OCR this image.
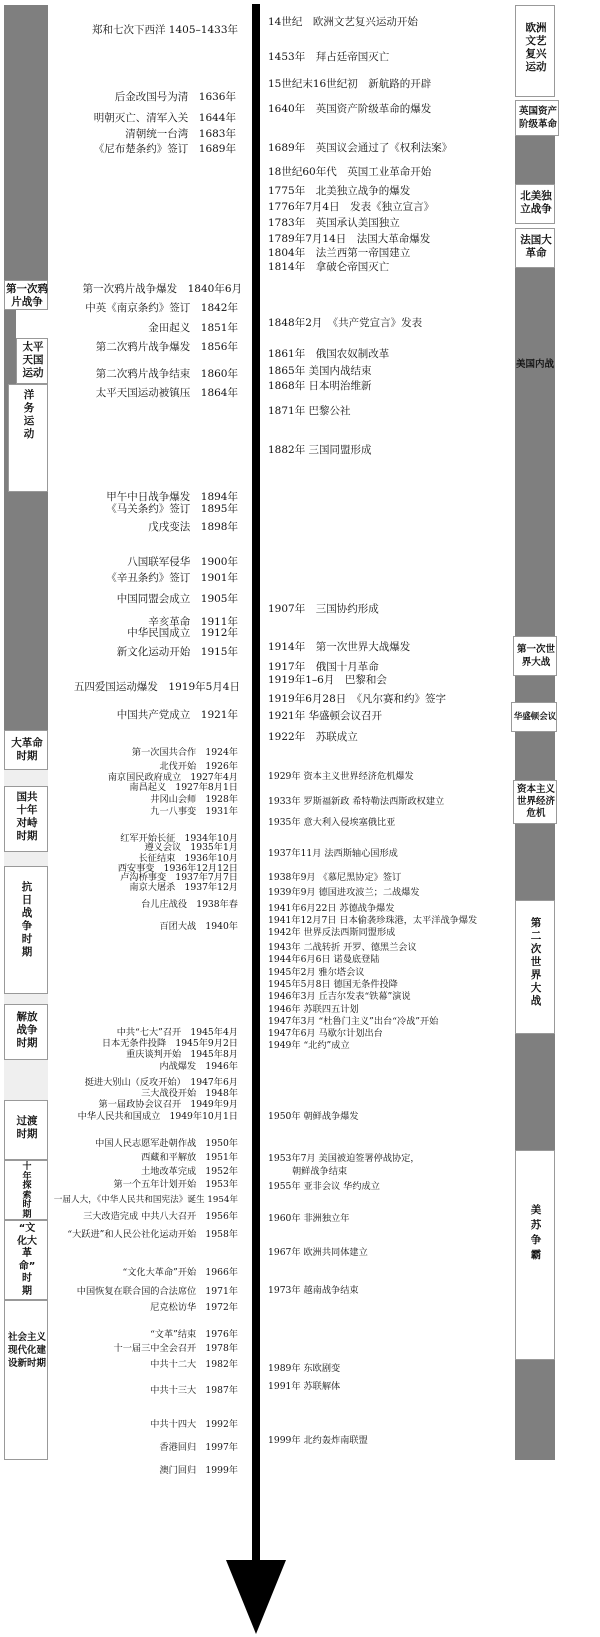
第一次鸦
片战争
太平
天国
运动
洋
务
运
动
大革命
时期
国共
十年
对峙
时期
抗
日
战
争
时
期
解放
战争
时期
过渡
时期
十
年
探
索
时
期
“文
化大
革
命”
时
期
社会主义
现代化建
设新时期
欧洲
文艺
复兴
运动
英国资产
阶级革命
北美独
立战争
法国大
革命
美国内战
第一次世
界大战
华盛顿会议
资本主义
世界经济
危机
第
二
次
世
界
大
战
美
苏
争
霸
郑和七次下西洋 1405–1433年
后金改国号为清　1636年
明朝灭亡、清军入关　1644年
清朝统一台湾　1683年
《尼布楚条约》签订　1689年
第一次鸦片战争爆发　1840年6月
中英《南京条约》签订　1842年
金田起义　1851年
第二次鸦片战争爆发　1856年
第二次鸦片战争结束　1860年
太平天国运动被镇压　1864年
甲午中日战争爆发　1894年
《马关条约》签订　1895年
戊戌变法　1898年
八国联军侵华　1900年
《辛丑条约》签订　1901年
中国同盟会成立　1905年
辛亥革命　1911年
中华民国成立　1912年
新文化运动开始　1915年
五四爱国运动爆发　1919年5月4日
中国共产党成立　1921年
第一次国共合作　1924年
北伐开始　1926年
南京国民政府成立　1927年4月
南昌起义　1927年8月1日
井冈山会师　1928年
九一八事变　1931年
红军开始长征　1934年10月
遵义会议　1935年1月
长征结束　1936年10月
西安事变　1936年12月12日
卢沟桥事变　1937年7月7日
南京大屠杀　1937年12月
台儿庄战役　1938年春
百团大战　1940年
中共“七大”召开　1945年4月
日本无条件投降　1945年9月2日
重庆谈判开始　1945年8月
内战爆发　1946年
挺进大别山（反攻开始）　1947年6月
三大战役开始　1948年
第一届政协会议召开　1949年9月
中华人民共和国成立　1949年10月1日
中国人民志愿军赴朝作战　1950年
西藏和平解放　1951年
土地改革完成　1952年
第一个五年计划开始　1953年
一届人大，《中华人民共和国宪法》诞生 1954年
三大改造完成 中共八大召开　1956年
“大跃进”和人民公社化运动开始　1958年
“文化大革命”开始　1966年
中国恢复在联合国的合法席位　1971年
尼克松访华　1972年
“文革”结束　1976年
十一届三中全会召开　1978年
中共十二大　1982年
中共十三大　1987年
中共十四大　1992年
香港回归　1997年
澳门回归　1999年
14世纪　欧洲文艺复兴运动开始
1453年　拜占廷帝国灭亡
15世纪末16世纪初　新航路的开辟
1640年　英国资产阶级革命的爆发
1689年　英国议会通过了《权利法案》
18世纪60年代　英国工业革命开始
1775年　北美独立战争的爆发
1776年7月4日　发表《独立宣言》
1783年　英国承认美国独立
1789年7月14日　法国大革命爆发
1804年　法兰西第一帝国建立
1814年　拿破仑帝国灭亡
1848年2月　《共产党宣言》发表
1861年　俄国农奴制改革
1865年 美国内战结束
1868年 日本明治维新
1871年 巴黎公社
1882年 三国同盟形成
1907年　三国协约形成
1914年　第一次世界大战爆发
1917年　俄国十月革命
1919年1–6月　巴黎和会
1919年6月28日　《凡尔赛和约》签字
1921年 华盛顿会议召开
1922年　苏联成立
1929年 资本主义世界经济危机爆发
1933年 罗斯福新政 希特勒法西斯政权建立
1935年 意大利入侵埃塞俄比亚
1937年11月 法西斯轴心国形成
1938年9月 《慕尼黑协定》签订
1939年9月 德国进攻波兰；二战爆发
1941年6月22日 苏德战争爆发
1941年12月7日 日本偷袭珍珠港，太平洋战争爆发
1942年 世界反法西斯同盟形成
1943年 二战转折 开罗、德黑兰会议
1944年6月6日 诺曼底登陆
1945年2月 雅尔塔会议
1945年5月8日 德国无条件投降
1946年3月 丘吉尔发表“铁幕”演说
1946年 苏联四五计划
1947年3月 “杜鲁门主义”出台“冷战”开始
1947年6月 马歇尔计划出台
1949年 “北约”成立
1950年 朝鲜战争爆发
1953年7月 美国被迫签署停战协定，
朝鲜战争结束
1955年 亚非会议 华约成立
1960年 非洲独立年
1967年 欧洲共同体建立
1973年 越南战争结束
1989年 东欧剧变
1991年 苏联解体
1999年 北约轰炸南联盟
